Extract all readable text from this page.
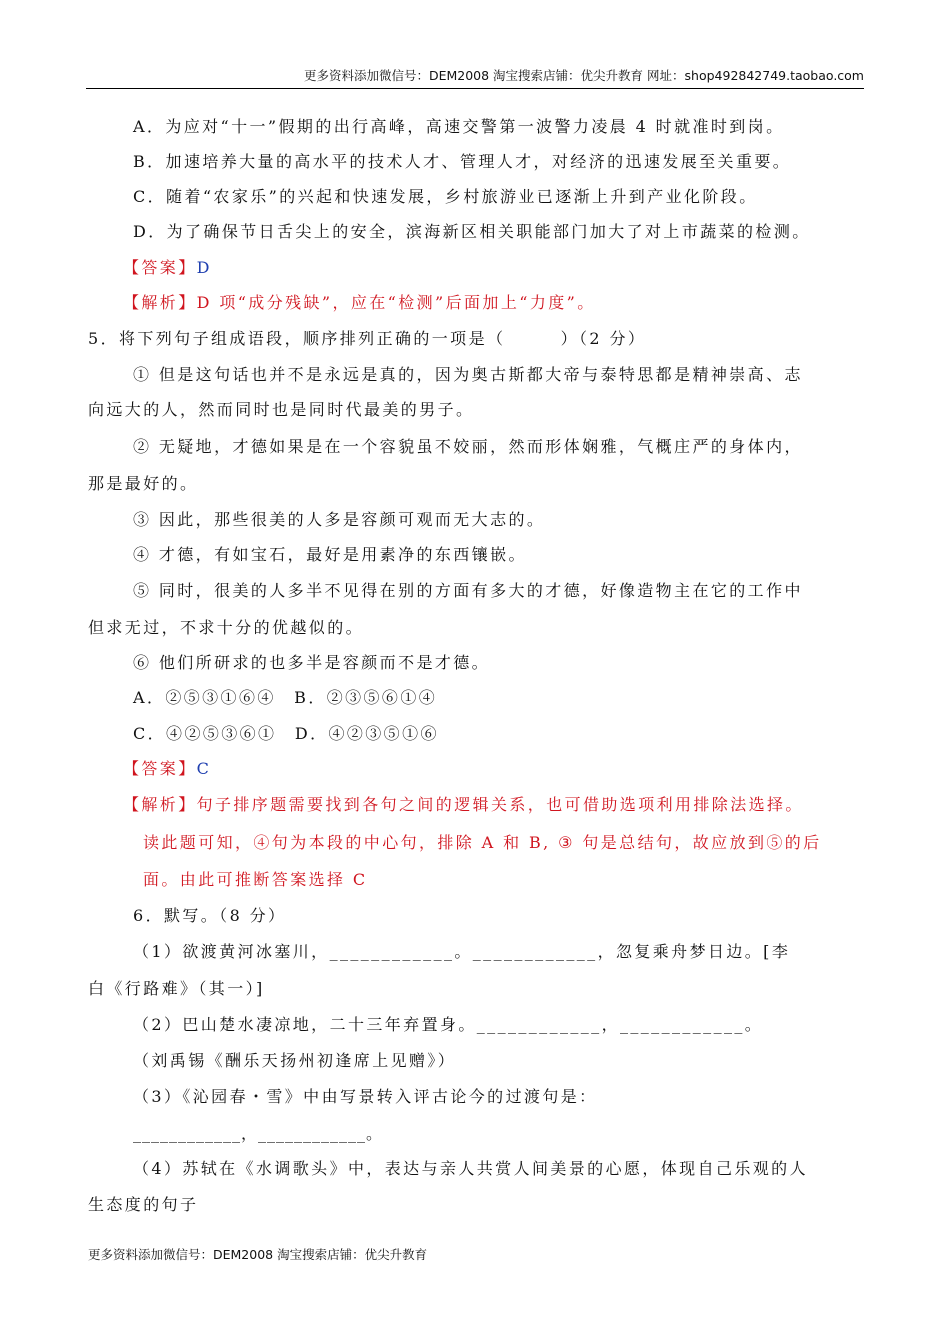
更多资料添加微信号：DEM2008 淘宝搜索店铺：优尖升教育 网址：shop492842749.taobao.com
A．为应对“十一”假期的出行高峰，高速交警第一波警力凌晨 4 时就准时到岗。
B．加速培养大量的高水平的技术人才、管理人才，对经济的迅速发展至关重要。
C．随着“农家乐”的兴起和快速发展，乡村旅游业已逐渐上升到产业化阶段。
D．为了确保节日舌尖上的安全，滨海新区相关职能部门加大了对上市蔬菜的检测。
【答案】D
【解析】D 项“成分残缺”，应在“检测”后面加上“力度”。
5．将下列句子组成语段，顺序排列正确的一项是（　　　）（2 分）
① 但是这句话也并不是永远是真的，因为奥古斯都大帝与泰特思都是精神崇高、志
向远大的人，然而同时也是同时代最美的男子。
② 无疑地，才德如果是在一个容貌虽不姣丽，然而形体娴雅，气概庄严的身体内，
那是最好的。
③ 因此，那些很美的人多是容颜可观而无大志的。
④ 才德，有如宝石，最好是用素净的东西镶嵌。
⑤ 同时，很美的人多半不见得在别的方面有多大的才德，好像造物主在它的工作中
但求无过，不求十分的优越似的。
⑥ 他们所研求的也多半是容颜而不是才德。
A．②⑤③①⑥④　B．②③⑤⑥①④
C．④②⑤③⑥①　D．④②③⑤①⑥
【答案】C
【解析】句子排序题需要找到各句之间的逻辑关系，也可借助选项利用排除法选择。
读此题可知，④句为本段的中心句，排除 A 和 B, ③ 句是总结句，故应放到⑤的后
面。由此可推断答案选择 C
6．默写。（8 分）
（1）欲渡黄河冰塞川，____________。____________，忽复乘舟梦日边。[李
白《行路难》（其一）]
（2）巴山楚水凄凉地，二十三年弃置身。____________，____________。
（刘禹锡《酬乐天扬州初逢席上见赠》）
（3）《沁园春・雪》中由写景转入评古论今的过渡句是：
____________，____________。
（4）苏轼在《水调歌头》中，表达与亲人共赏人间美景的心愿，体现自己乐观的人
生态度的句子
更多资料添加微信号：DEM2008 淘宝搜索店铺：优尖升教育
